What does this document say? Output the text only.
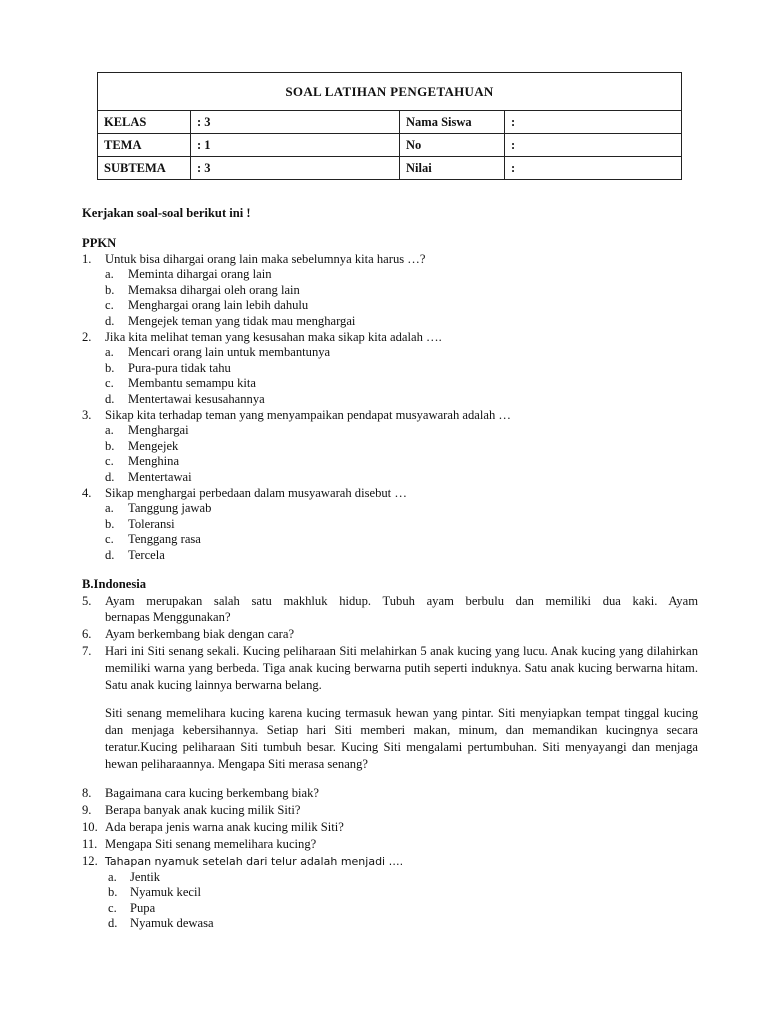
SOAL LATIHAN PENGETAHUAN			
KELAS	: 3	Nama Siswa	:
TEMA	: 1	No	:
SUBTEMA	: 3	Nilai	:
Kerjakan soal-soal berikut ini !
PPKN
1. Untuk bisa dihargai orang lain maka sebelumnya kita harus …?
a. Meminta dihargai orang lain
b. Memaksa dihargai oleh orang lain
c. Menghargai orang lain lebih dahulu
d. Mengejek teman yang tidak mau menghargai
2. Jika kita melihat teman yang kesusahan maka sikap kita adalah ….
a. Mencari orang lain untuk membantunya
b. Pura-pura tidak tahu
c. Membantu semampu kita
d. Mentertawai kesusahannya
3. Sikap kita terhadap teman yang menyampaikan pendapat musyawarah adalah …
a. Menghargai
b. Mengejek
c. Menghina
d. Mentertawai
4. Sikap menghargai perbedaan dalam musyawarah disebut …
a. Tanggung jawab
b. Toleransi
c. Tenggang rasa
d. Tercela
B.Indonesia
5. Ayam merupakan salah satu makhluk hidup. Tubuh ayam berbulu dan memiliki dua kaki. Ayam
bernapas Menggunakan?
6. Ayam berkembang biak dengan cara?
7. Hari ini Siti senang sekali. Kucing peliharaan Siti melahirkan 5 anak kucing yang lucu. Anak kucing yang dilahirkan memiliki warna yang berbeda. Tiga anak kucing berwarna putih seperti induknya. Satu anak kucing berwarna hitam. Satu anak kucing lainnya berwarna belang.
Siti senang memelihara kucing karena kucing termasuk hewan yang pintar. Siti menyiapkan tempat tinggal kucing dan menjaga kebersihannya. Setiap hari Siti memberi makan, minum, dan memandikan kucingnya secara teratur.Kucing peliharaan Siti tumbuh besar. Kucing Siti mengalami pertumbuhan. Siti menyayangi dan menjaga hewan peliharaannya. Mengapa Siti merasa senang?
8. Bagaimana cara kucing berkembang biak?
9. Berapa banyak anak kucing milik Siti?
10. Ada berapa jenis warna anak kucing milik Siti?
11. Mengapa Siti senang memelihara kucing?
12. Tahapan nyamuk setelah dari telur adalah menjadi ….
a. Jentik
b. Nyamuk kecil
c. Pupa
d. Nyamuk dewasa
